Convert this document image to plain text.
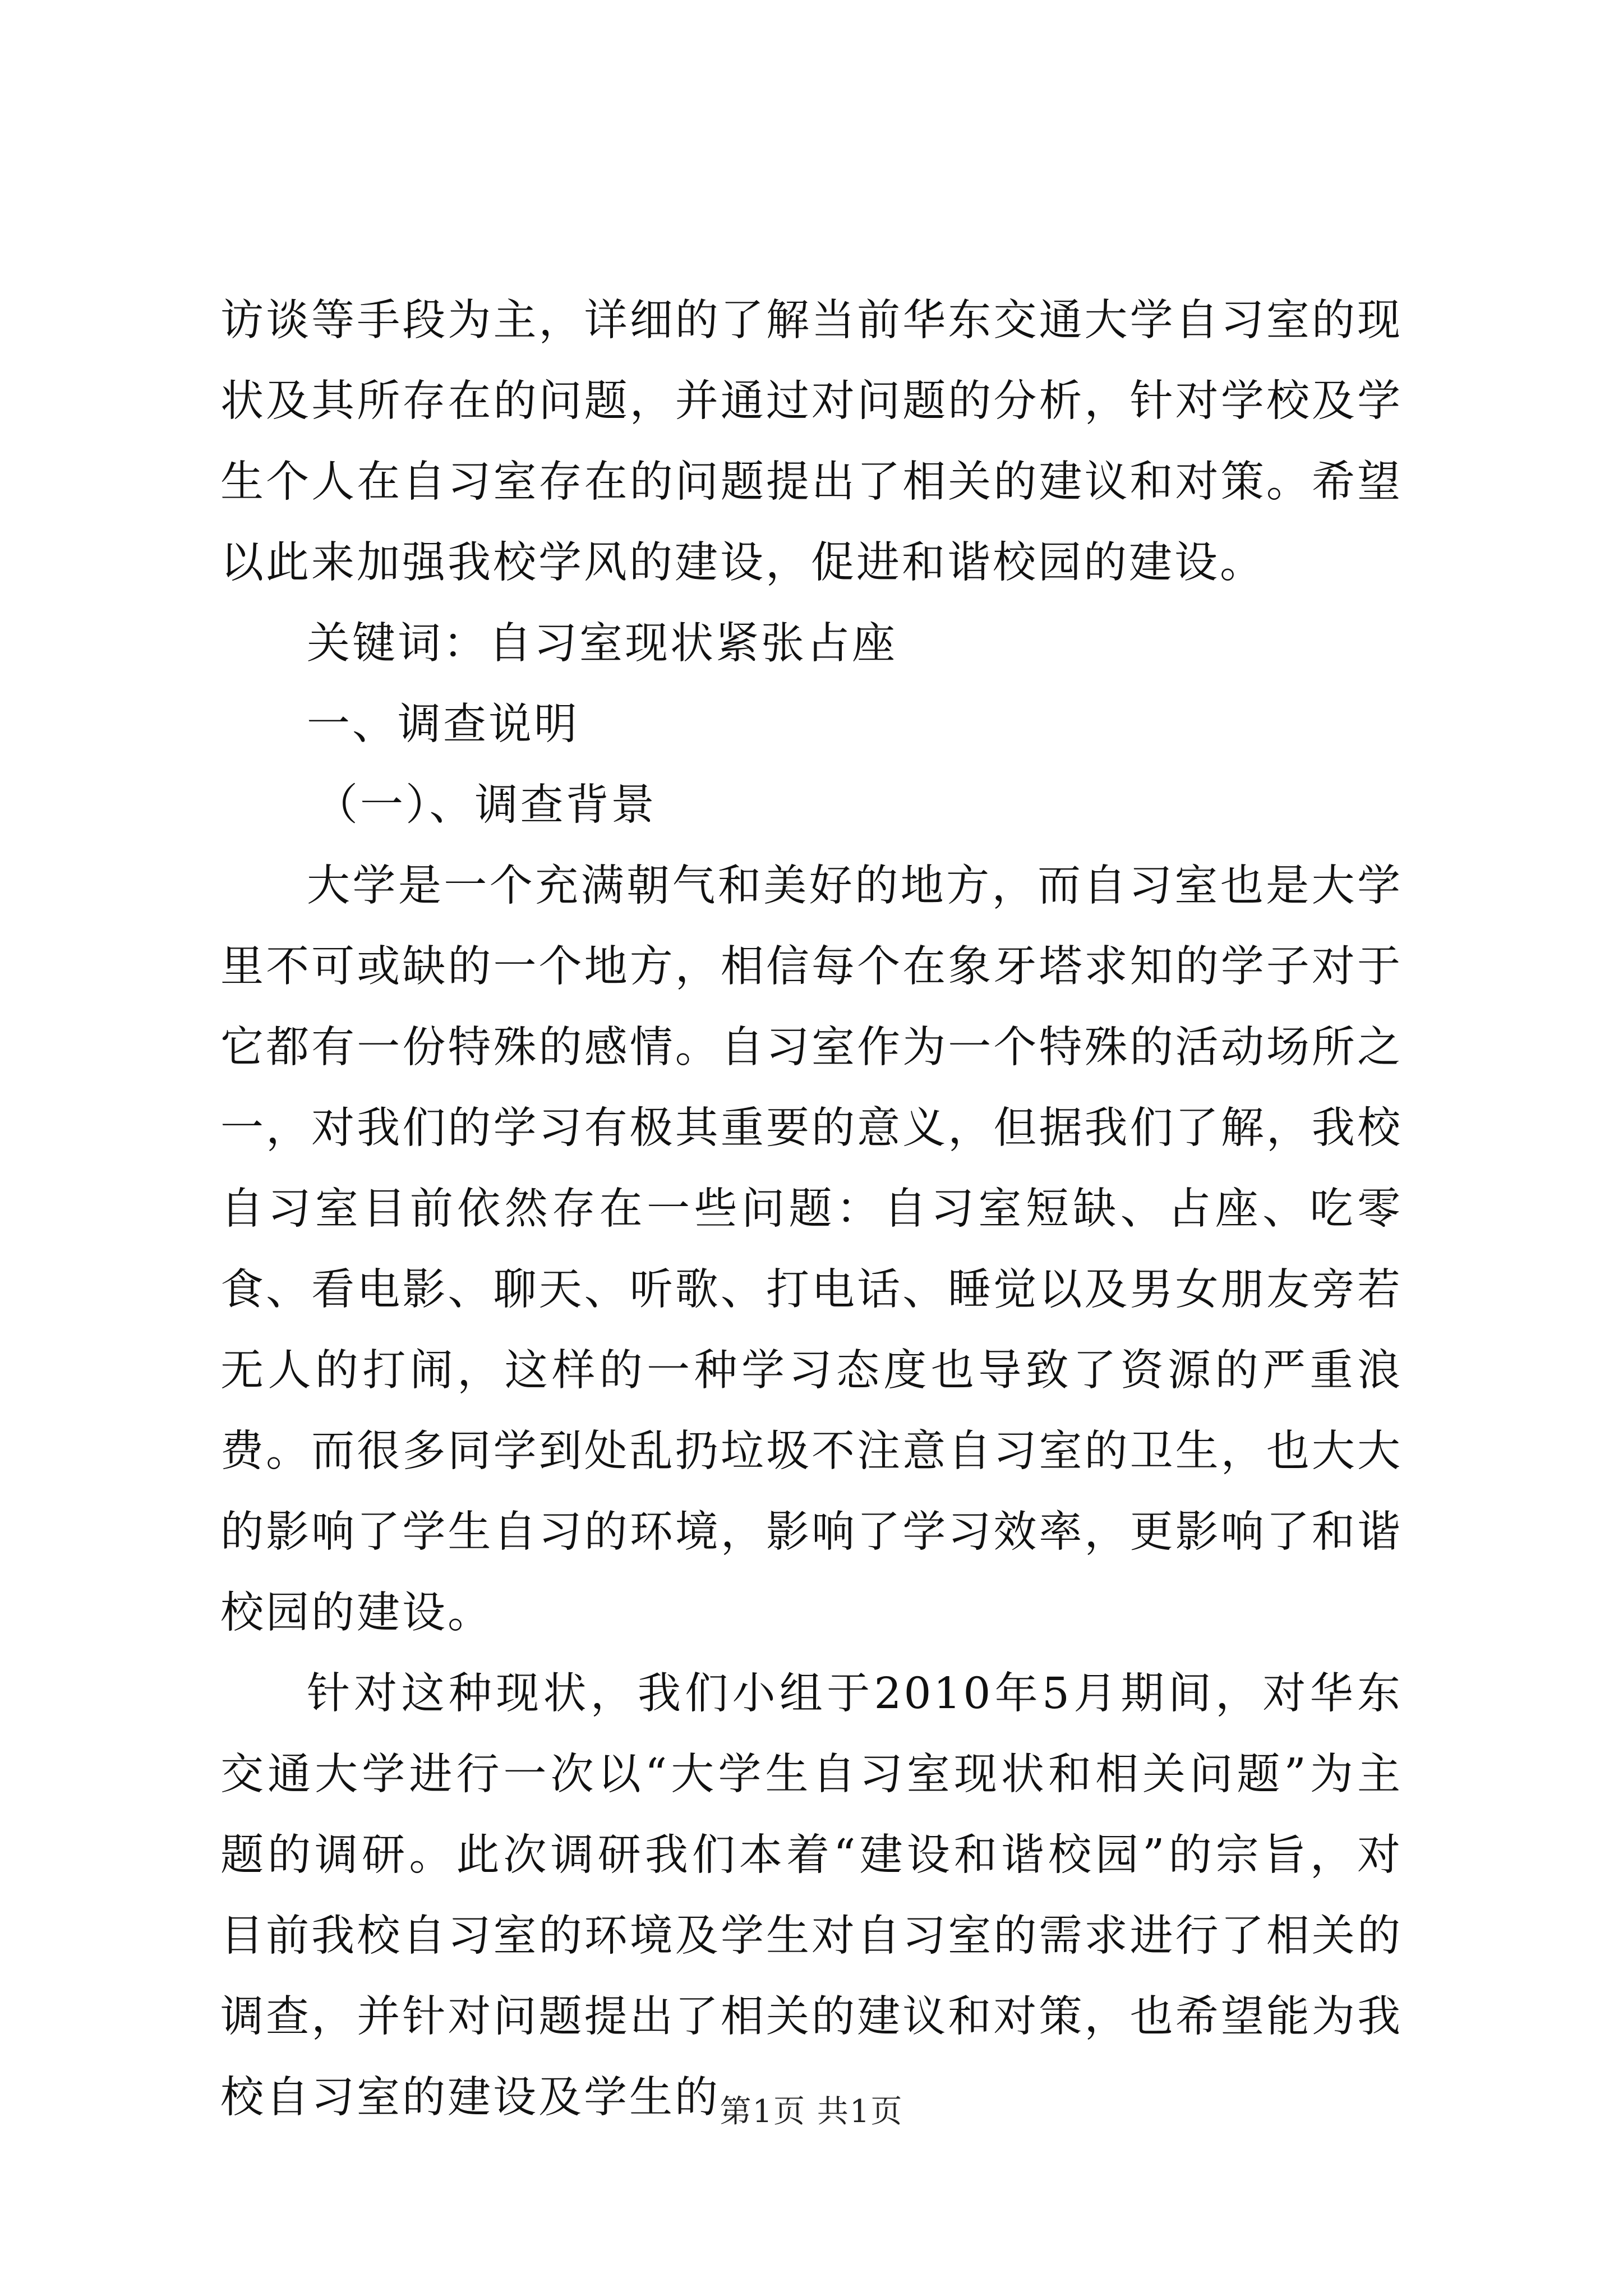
访谈等手段为主，详细的了解当前华东交通大学自习室的现状及其所存在的问题，并通过对问题的分析，针对学校及学生个人在自习室存在的问题提出了相关的建议和对策。希望以此来加强我校学风的建设，促进和谐校园的建设。

关键词：自习室现状紧张占座

一、调查说明

（一）、调查背景

大学是一个充满朝气和美好的地方，而自习室也是大学里不可或缺的一个地方，相信每个在象牙塔求知的学子对于它都有一份特殊的感情。自习室作为一个特殊的活动场所之一，对我们的学习有极其重要的意义，但据我们了解，我校自习室目前依然存在一些问题：自习室短缺、占座、吃零食、看电影、聊天、听歌、打电话、睡觉以及男女朋友旁若无人的打闹，这样的一种学习态度也导致了资源的严重浪费。而很多同学到处乱扔垃圾不注意自习室的卫生，也大大的影响了学生自习的环境，影响了学习效率，更影响了和谐校园的建设。

针对这种现状，我们小组于2010年5月期间，对华东交通大学进行一次以“大学生自习室现状和相关问题”为主题的调研。此次调研我们本着“建设和谐校园”的宗旨，对目前我校自习室的环境及学生对自习室的需求进行了相关的调查，并针对问题提出了相关的建议和对策，也希望能为我校自习室的建设及学生的 第1页 共1页
